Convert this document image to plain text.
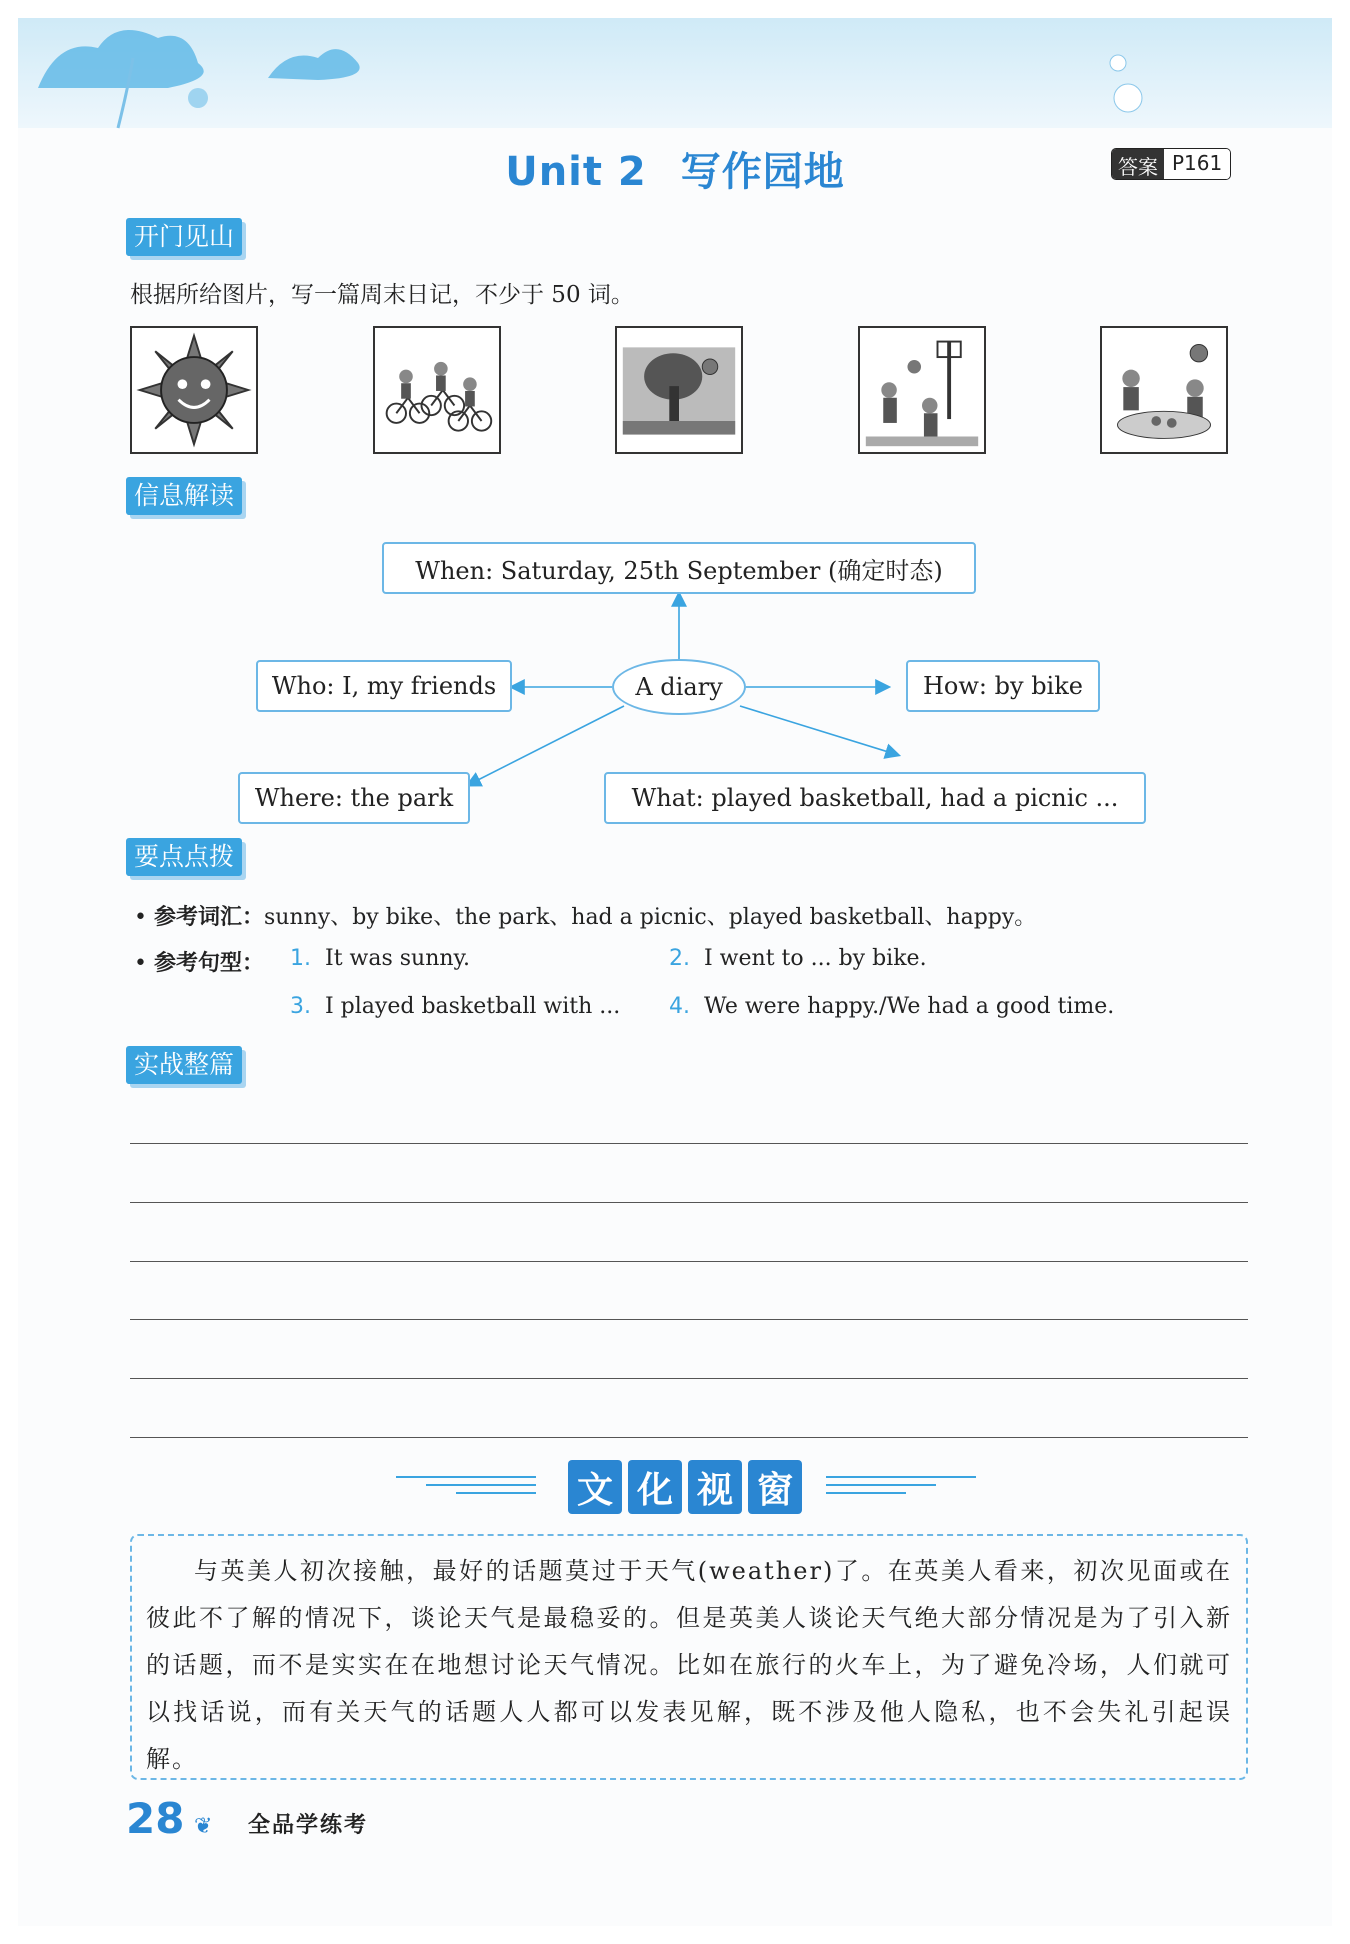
Unit 2 写作园地	答案 P161
开门见山
根据所给图片，写一篇周末日记，不少于 50 词。
信息解读
When: Saturday, 25th September (确定时态)
Who: I, my friends	A diary	How: by bike
Where: the park	What: played basketball, had a picnic ...
要点点拨
• 参考词汇：sunny、by bike、the park、had a picnic、played basketball、happy。
• 参考句型： 1. It was sunny.	2. I went to ... by bike.
3. I played basketball with ... 4. We were happy./We had a good time.
实战整篇
文 化 视 窗

与英美人初次接触，最好的话题莫过于天气(weather)了。在英美人看来，初次见面或在彼此不了解的情况下，谈论天气是最稳妥的。但是英美人谈论天气绝大部分情况是为了引入新的话题，而不是实实在在地想讨论天气情况。比如在旅行的火车上，为了避免冷场，人们就可以找话说，而有关天气的话题人人都可以发表见解，既不涉及他人隐私，也不会失礼引起误解。

28 ❦ 全品学练考
